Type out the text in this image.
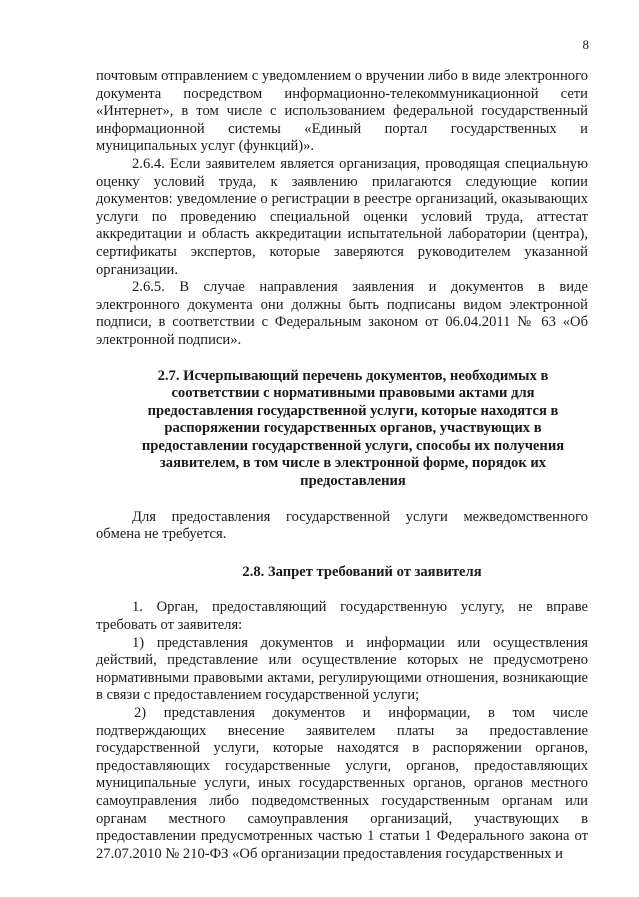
8

почтовым отправлением с уведомлением о вручении либо в виде электронного документа посредством информационно-телекоммуникационной сети «Интернет», в том числе с использованием федеральной государственный информационной системы «Единый портал государственных и муниципальных услуг (функций)».

2.6.4. Если заявителем является организация, проводящая специальную оценку условий труда, к заявлению прилагаются следующие копии документов: уведомление о регистрации в реестре организаций, оказывающих услуги по проведению специальной оценки условий труда, аттестат аккредитации и область аккредитации испытательной лаборатории (центра), сертификаты экспертов, которые заверяются руководителем указанной организации.

2.6.5. В случае направления заявления и документов в виде электронного документа они должны быть подписаны видом электронной подписи, в соответствии с Федеральным законом от 06.04.2011 № 63 «Об электронной подписи».

2.7. Исчерпывающий перечень документов, необходимых в соответствии с нормативными правовыми актами для предоставления государственной услуги, которые находятся в распоряжении государственных органов, участвующих в предоставлении государственной услуги, способы их получения заявителем, в том числе в электронной форме, порядок их предоставления

Для предоставления государственной услуги межведомственного обмена не требуется.

2.8. Запрет требований от заявителя

1. Орган, предоставляющий государственную услугу, не вправе требовать от заявителя:

1) представления документов и информации или осуществления действий, представление или осуществление которых не предусмотрено нормативными правовыми актами, регулирующими отношения, возникающие в связи с предоставлением государственной услуги;

2) представления документов и информации, в том числе подтверждающих внесение заявителем платы за предоставление государственной услуги, которые находятся в распоряжении органов, предоставляющих государственные услуги, органов, предоставляющих муниципальные услуги, иных государственных органов, органов местного самоуправления либо подведомственных государственным органам или органам местного самоуправления организаций, участвующих в предоставлении предусмотренных частью 1 статьи 1 Федерального закона от 27.07.2010 № 210-ФЗ «Об организации предоставления государственных и
